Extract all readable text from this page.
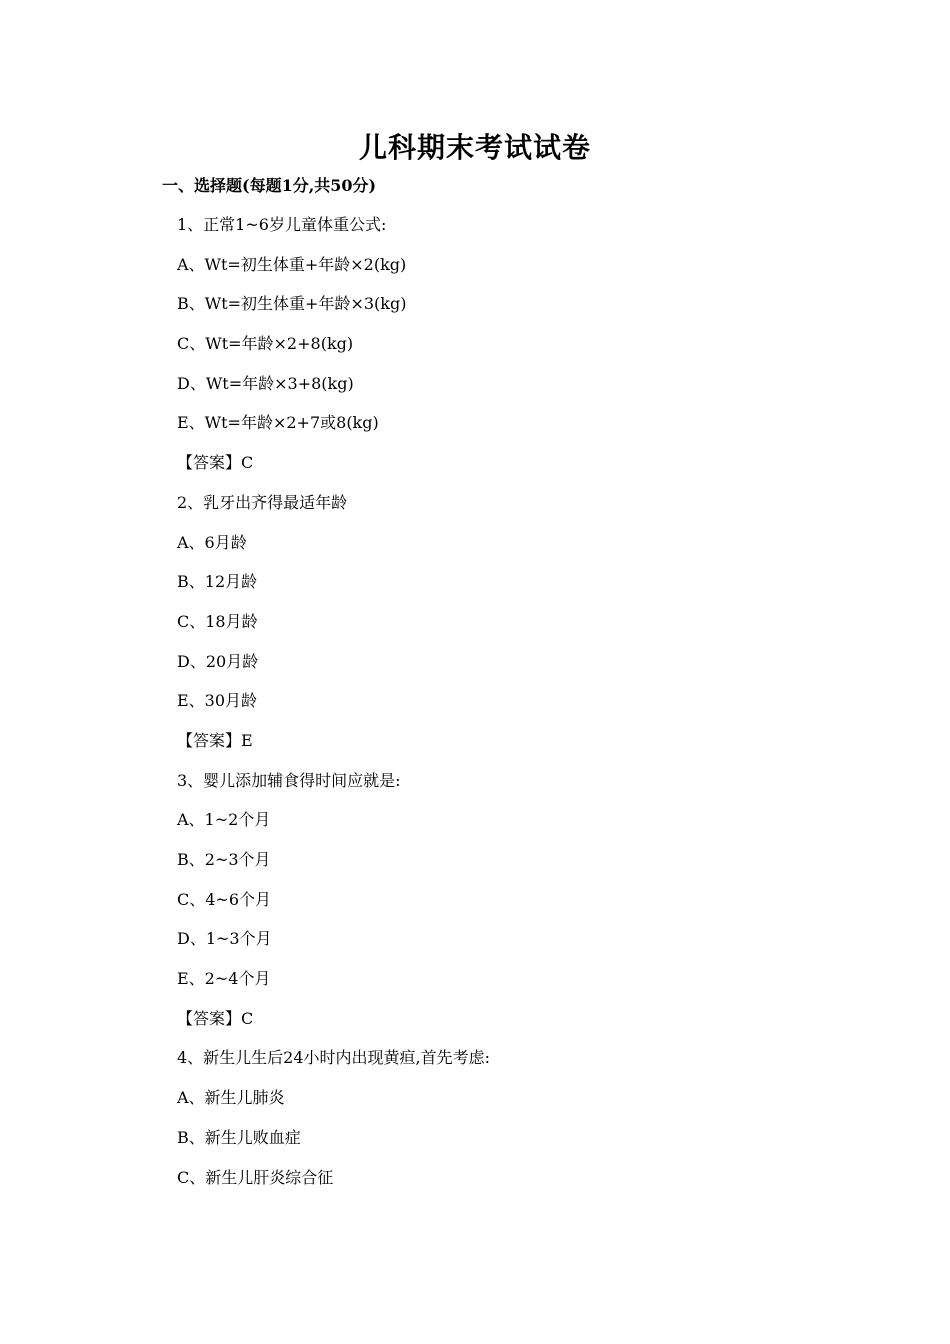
儿科期末考试试卷
一、选择题(每题1分,共50分)
1、正常1~6岁儿童体重公式:
A、Wt=初生体重+年龄×2(kg)
B、Wt=初生体重+年龄×3(kg)
C、Wt=年龄×2+8(kg)
D、Wt=年龄×3+8(kg)
E、Wt=年龄×2+7或8(kg)
【答案】C
2、乳牙出齐得最适年龄
A、6月龄
B、12月龄
C、18月龄
D、20月龄
E、30月龄
【答案】E
3、婴儿添加辅食得时间应就是:
A、1~2个月
B、2~3个月
C、4~6个月
D、1~3个月
E、2~4个月
【答案】C
4、新生儿生后24小时内出现黄疸,首先考虑:
A、新生儿肺炎
B、新生儿败血症
C、新生儿肝炎综合征
